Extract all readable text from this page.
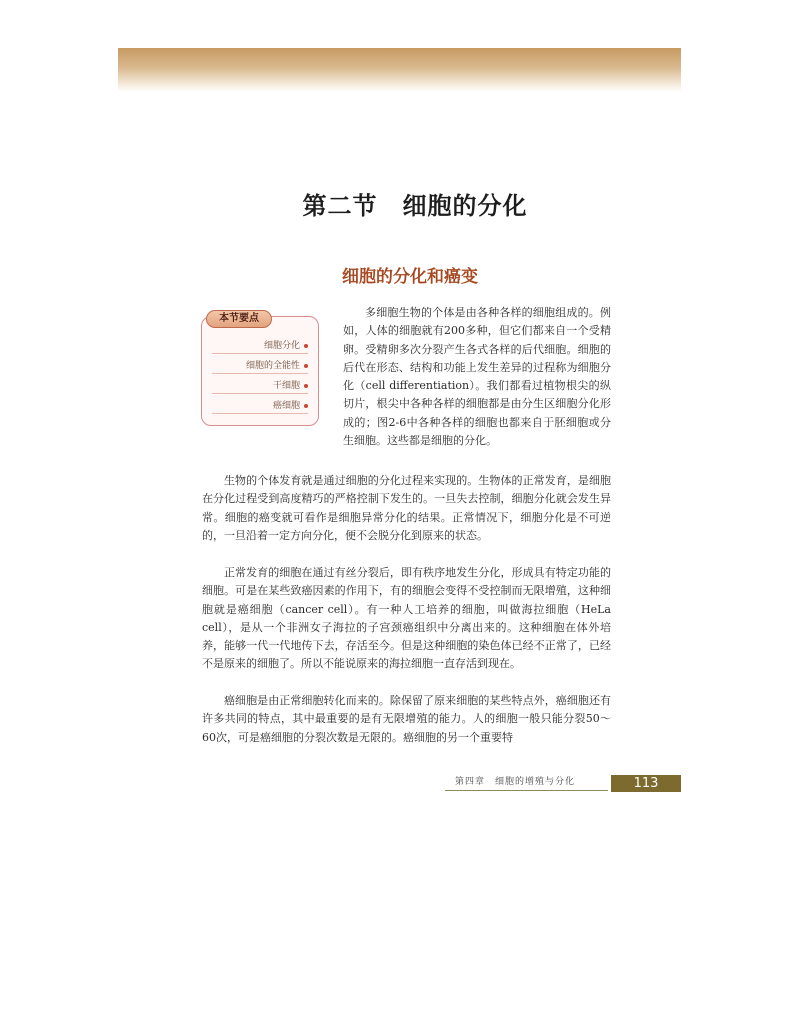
第二节　细胞的分化
细胞的分化和癌变
本节要点
细胞分化
细胞的全能性
干细胞
癌细胞

多细胞生物的个体是由各种各样的细胞组成的。例如，人体的细胞就有200多种，但它们都来自一个受精卵。受精卵多次分裂产生各式各样的后代细胞。细胞的后代在形态、结构和功能上发生差异的过程称为细胞分化（cell differentiation）。我们都看过植物根尖的纵切片，根尖中各种各样的细胞都是由分生区细胞分化形成的；图2-6中各种各样的细胞也都来自于胚细胞或分生细胞。这些都是细胞的分化。

生物的个体发育就是通过细胞的分化过程来实现的。生物体的正常发育，是细胞在分化过程受到高度精巧的严格控制下发生的。一旦失去控制，细胞分化就会发生异常。细胞的癌变就可看作是细胞异常分化的结果。正常情况下，细胞分化是不可逆的，一旦沿着一定方向分化，便不会脱分化到原来的状态。

正常发育的细胞在通过有丝分裂后，即有秩序地发生分化，形成具有特定功能的细胞。可是在某些致癌因素的作用下，有的细胞会变得不受控制而无限增殖，这种细胞就是癌细胞（cancer cell）。有一种人工培养的细胞，叫做海拉细胞（HeLa cell），是从一个非洲女子海拉的子宫颈癌组织中分离出来的。这种细胞在体外培养，能够一代一代地传下去，存活至今。但是这种细胞的染色体已经不正常了，已经不是原来的细胞了。所以不能说原来的海拉细胞一直存活到现在。

癌细胞是由正常细胞转化而来的。除保留了原来细胞的某些特点外，癌细胞还有许多共同的特点，其中最重要的是有无限增殖的能力。人的细胞一般只能分裂50～60次，可是癌细胞的分裂次数是无限的。癌细胞的另一个重要特

第四章　细胞的增殖与分化	113
